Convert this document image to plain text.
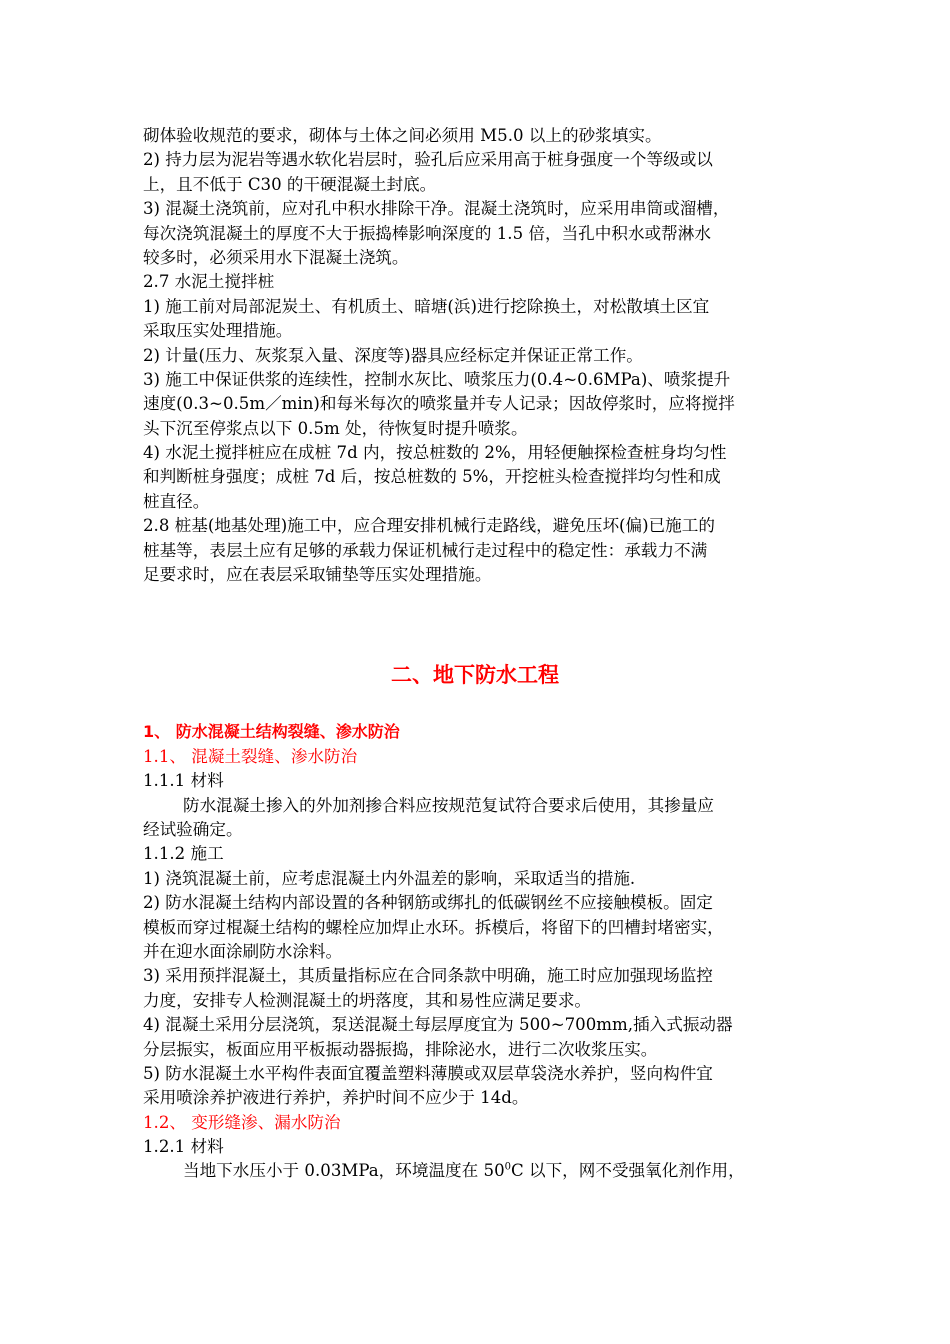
砌体验收规范的要求，砌体与土体之间必须用 M5.0 以上的砂浆填实。
2) 持力层为泥岩等遇水软化岩层时，验孔后应采用高于桩身强度一个等级或以
上，且不低于 C30 的干硬混凝土封底。
3) 混凝土浇筑前，应对孔中积水排除干净。混凝土浇筑时，应采用串筒或溜槽，
每次浇筑混凝土的厚度不大于振捣棒影响深度的 1.5 倍，当孔中积水或帮淋水
较多时，必须采用水下混凝土浇筑。
2.7 水泥土搅拌桩
1) 施工前对局部泥炭土、有机质土、暗塘(浜)进行挖除换土，对松散填土区宜
采取压实处理措施。
2) 计量(压力、灰浆泵入量、深度等)器具应经标定并保证正常工作。
3) 施工中保证供浆的连续性，控制水灰比、喷浆压力(0.4~0.6MPa)、喷浆提升
速度(0.3~0.5m／min)和每米每次的喷浆量并专人记录；因故停浆时，应将搅拌
头下沉至停浆点以下 0.5m 处，待恢复时提升喷浆。
4) 水泥土搅拌桩应在成桩 7d 内，按总桩数的 2%，用轻便触探检查桩身均匀性
和判断桩身强度；成桩 7d 后，按总桩数的 5%，开挖桩头检查搅拌均匀性和成
桩直径。
2.8 桩基(地基处理)施工中，应合理安排机械行走路线，避免压坏(偏)已施工的
桩基等，表层土应有足够的承载力保证机械行走过程中的稳定性：承载力不满
足要求时，应在表层采取铺垫等压实处理措施。
二、地下防水工程
1、 防水混凝土结构裂缝、渗水防治
1.1、 混凝土裂缝、渗水防治
1.1.1 材料
防水混凝土掺入的外加剂掺合料应按规范复试符合要求后使用，其掺量应
经试验确定。
1.1.2 施工
1) 浇筑混凝土前，应考虑混凝土内外温差的影响，采取适当的措施.
2) 防水混凝土结构内部设置的各种钢筋或绑扎的低碳钢丝不应接触模板。固定
模板而穿过棍凝土结构的螺栓应加焊止水环。拆模后，将留下的凹槽封堵密实，
并在迎水面涂刷防水涂料。
3) 采用预拌混凝土，其质量指标应在合同条款中明确，施工时应加强现场监控
力度，安排专人检测混凝土的坍落度，其和易性应满足要求。
4) 混凝土采用分层浇筑，泵送混凝土每层厚度宜为 500~700mm,插入式振动器
分层振实，板面应用平板振动器振捣，排除泌水，进行二次收浆压实。
5) 防水混凝土水平构件表面宜覆盖塑料薄膜或双层草袋浇水养护，竖向构件宜
采用喷涂养护液进行养护，养护时间不应少于 14d。
1.2、 变形缝渗、漏水防治
1.2.1 材料
当地下水压小于 0.03MPa，环境温度在 $50^0C$ 以下，网不受强氧化剂作用，
